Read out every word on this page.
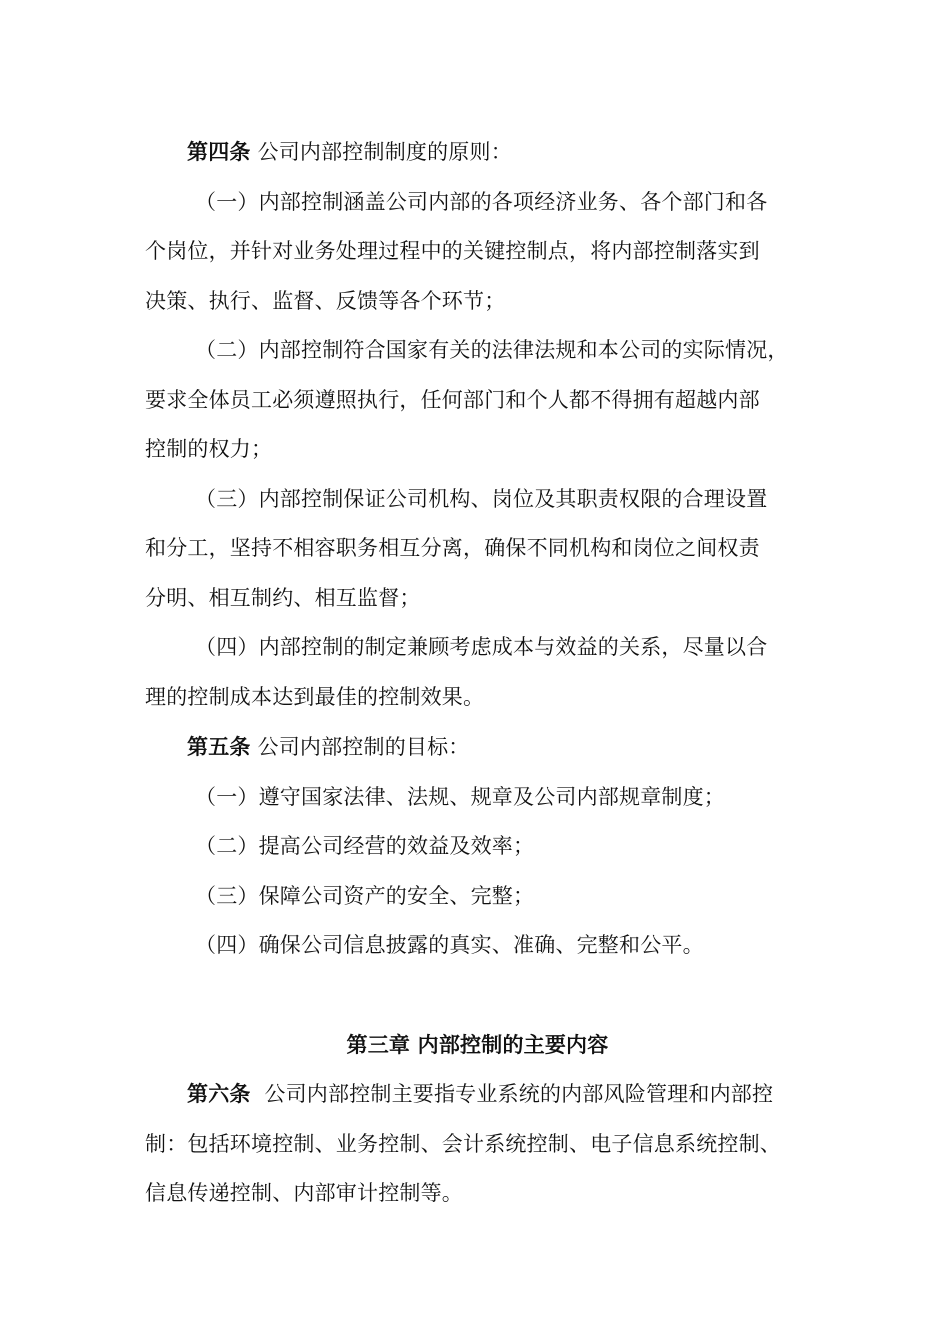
第四条 公司内部控制制度的原则：
（一）内部控制涵盖公司内部的各项经济业务、各个部门和各
个岗位，并针对业务处理过程中的关键控制点，将内部控制落实到
决策、执行、监督、反馈等各个环节；
（二）内部控制符合国家有关的法律法规和本公司的实际情况，
要求全体员工必须遵照执行，任何部门和个人都不得拥有超越内部
控制的权力；
（三）内部控制保证公司机构、岗位及其职责权限的合理设置
和分工，坚持不相容职务相互分离，确保不同机构和岗位之间权责
分明、相互制约、相互监督；
（四）内部控制的制定兼顾考虑成本与效益的关系，尽量以合
理的控制成本达到最佳的控制效果。
第五条 公司内部控制的目标：
（一）遵守国家法律、法规、规章及公司内部规章制度；
（二）提高公司经营的效益及效率；
（三）保障公司资产的安全、完整；
（四）确保公司信息披露的真实、准确、完整和公平。
第三章 内部控制的主要内容
第六条 公司内部控制主要指专业系统的内部风险管理和内部控
制：包括环境控制、业务控制、会计系统控制、电子信息系统控制、
信息传递控制、内部审计控制等。
